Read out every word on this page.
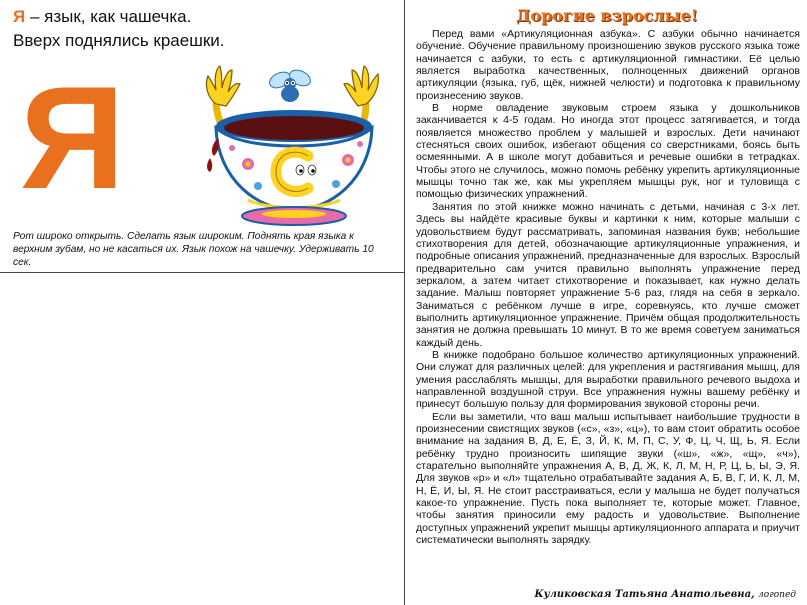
Я – язык, как чашечка.
Вверх поднялись краешки.
Я
Рот широко открыть. Сделать язык широким. Поднять края языка к верхним зубам, но не касаться их. Язык похож на чашечку. Удерживать 10 сек.
Дорогие взрослые!

Перед вами «Артикуляционная азбука». С азбуки обычно начинается обучение. Обучение правильному произношению звуков русского языка тоже начинается с азбуки, то есть с артикуляционной гимнастики. Её целью является выработка качественных, полноценных движений органов артикуляции (языка, губ, щёк, нижней челюсти) и подготовка к правильному произнесению звуков.

В норме овладение звуковым строем языка у дошкольников заканчивается к 4-5 годам. Но иногда этот процесс затягивается, и тогда появляется множество проблем у малышей и взрослых. Дети начинают стесняться своих ошибок, избегают общения со сверстниками, боясь быть осмеянными. А в школе могут добавиться и речевые ошибки в тетрадках. Чтобы этого не случилось, можно помочь ребёнку укрепить артикуляционные мышцы точно так же, как мы укрепляем мышцы рук, ног и туловища с помощью физических упражнений.

Занятия по этой книжке можно начинать с детьми, начиная с 3-х лет. Здесь вы найдёте красивые буквы и картинки к ним, которые малыши с удовольствием будут рассматривать, запоминая названия букв; небольшие стихотворения для детей, обозначающие артикуляционные упражнения, и подробные описания упражнений, предназначенные для взрослых. Взрослый предварительно сам учится правильно выполнять упражнение перед зеркалом, а затем читает стихотворение и показывает, как нужно делать задание. Малыш повторяет упражнение 5-6 раз, глядя на себя в зеркало. Заниматься с ребёнком лучше в игре, соревнуясь, кто лучше сможет выполнить артикуляционное упражнение. Причём общая продолжительность занятия не должна превышать 10 минут. В то же время советуем заниматься каждый день.

В книжке подобрано большое количество артикуляционных упражнений. Они служат для различных целей: для укрепления и растягивания мышц, для умения расслаблять мышцы, для выработки правильного речевого выдоха и направленной воздушной струи. Все упражнения нужны вашему ребёнку и принесут большую пользу для формирования звуковой стороны речи.

Если вы заметили, что ваш малыш испытывает наибольшие трудности в произнесении свистящих звуков («с», «з», «ц»), то вам стоит обратить особое внимание на задания В, Д, Е, Ё, З, Й, К, М, П, С, У, Ф, Ц, Ч, Щ, Ь, Я. Если ребёнку трудно произносить шипящие звуки («ш», «ж», «щ», «ч»), старательно выполняйте упражнения А, В, Д, Ж, К, Л, М, Н, Р, Ц, Ь, Ы, Э, Я. Для звуков «р» и «л» тщательно отрабатывайте задания А, Б, В, Г, И, К, Л, М, Н, Ё, И, Ы, Я. Не стоит расстраиваться, если у малыша не будет получаться какое-то упражнение. Пусть пока выполняет те, которые может. Главное, чтобы занятия приносили ему радость и удовольствие. Выполнение доступных упражнений укрепит мышцы артикуляционного аппарата и приучит систематически выполнять зарядку.

Куликовская Татьяна Анатольевна, логопед
